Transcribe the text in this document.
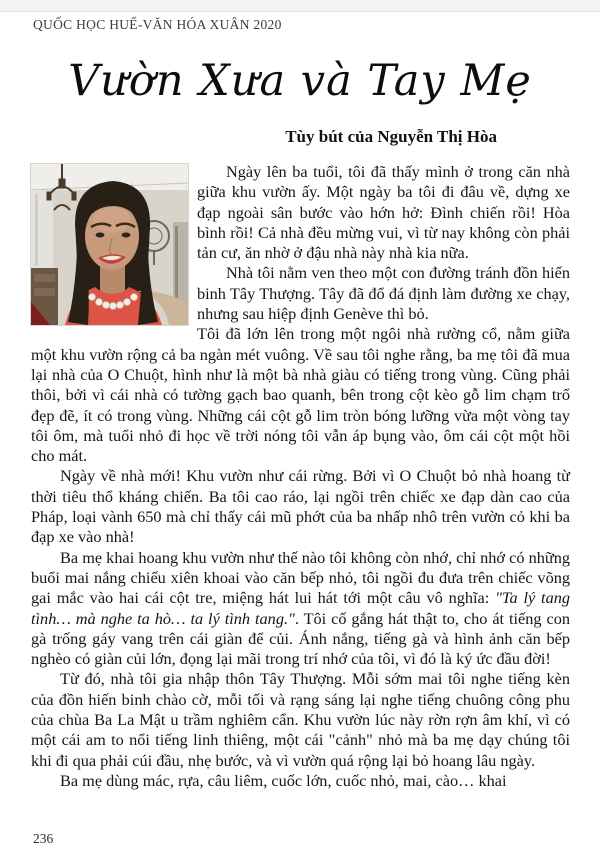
QUỐC HỌC HUẾ-VĂN HÓA XUÂN 2020
Vườn Xưa và Tay Mẹ
Tùy bút của Nguyễn Thị Hòa

Ngày lên ba tuổi, tôi đã thấy mình ở trong căn nhà giữa khu vườn ấy. Một ngày ba tôi đi đâu về, dựng xe đạp ngoài sân bước vào hớn hở: Đình chiến rồi! Hòa bình rồi! Cả nhà đều mừng vui, vì từ nay không còn phải tản cư, ăn nhờ ở đậu nhà này nhà kia nữa.

Nhà tôi nằm ven theo một con đường tránh đồn hiến binh Tây Thượng. Tây đã đổ đá định làm đường xe chạy, nhưng sau hiệp định Genève thì bỏ.

Tôi đã lớn lên trong một ngôi nhà rường cổ, nằm giữa một khu vườn rộng cả ba ngàn mét vuông. Về sau tôi nghe rằng, ba mẹ tôi đã mua lại nhà của O Chuột, hình như là một bà nhà giàu có tiếng trong vùng. Cũng phải thôi, bởi vì cái nhà có tường gạch bao quanh, bên trong cột kèo gỗ lim chạm trổ đẹp đẽ, ít có trong vùng. Những cái cột gỗ lim tròn bóng lưỡng vừa một vòng tay tôi ôm, mà tuổi nhỏ đi học về trời nóng tôi vẫn áp bụng vào, ôm cái cột một hồi cho mát.

Ngày về nhà mới! Khu vườn như cái rừng. Bởi vì O Chuột bỏ nhà hoang từ thời tiêu thổ kháng chiến. Ba tôi cao ráo, lại ngồi trên chiếc xe đạp dàn cao của Pháp, loại vành 650 mà chỉ thấy cái mũ phớt của ba nhấp nhô trên vườn cỏ khi ba đạp xe vào nhà!

Ba mẹ khai hoang khu vườn như thế nào tôi không còn nhớ, chỉ nhớ có những buổi mai nắng chiếu xiên khoai vào căn bếp nhỏ, tôi ngồi đu đưa trên chiếc võng gai mắc vào hai cái cột tre, miệng hát lui hát tới một câu vô nghĩa: "Ta lý tang tình… mà nghe ta hò… ta lý tình tang.". Tôi cố gắng hát thật to, cho át tiếng con gà trống gáy vang trên cái giàn để củi. Ánh nắng, tiếng gà và hình ảnh căn bếp nghèo có giàn củi lớn, đọng lại mãi trong trí nhớ của tôi, vì đó là ký ức đầu đời!

Từ đó, nhà tôi gia nhập thôn Tây Thượng. Mỗi sớm mai tôi nghe tiếng kèn của đồn hiến binh chào cờ, mỗi tối và rạng sáng lại nghe tiếng chuông công phu của chùa Ba La Mật u trầm nghiêm cẩn. Khu vườn lúc này rờn rợn âm khí, vì có một cái am to nổi tiếng linh thiêng, một cái "cảnh" nhỏ mà ba mẹ dạy chúng tôi khi đi qua phải cúi đầu, nhẹ bước, và vì vườn quá rộng lại bỏ hoang lâu ngày.

Ba mẹ dùng mác, rựa, câu liêm, cuốc lớn, cuốc nhỏ, mai, cào… khai

236
